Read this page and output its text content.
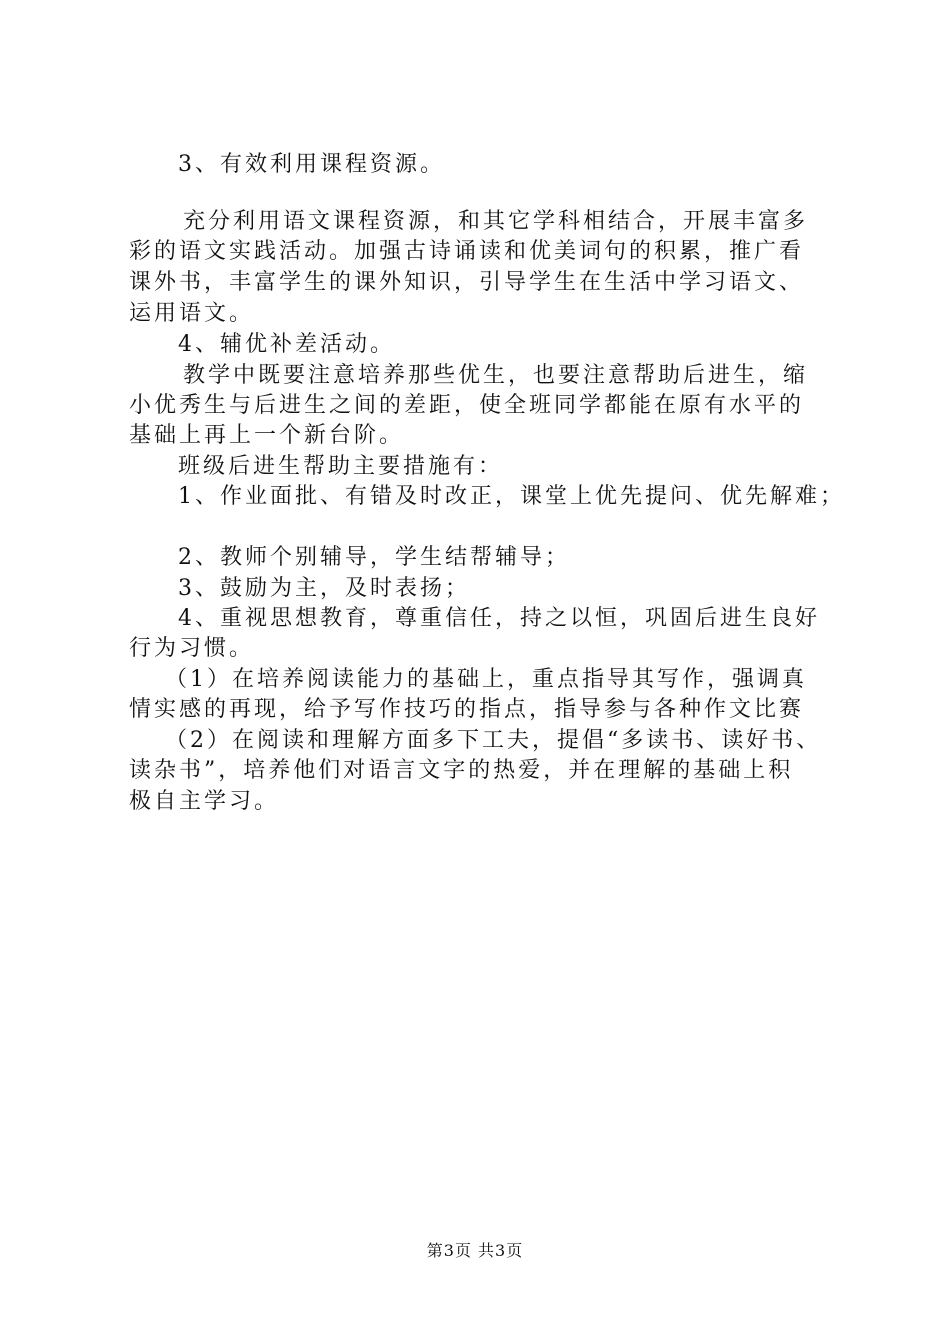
3、有效利用课程资源。
充分利用语文课程资源，和其它学科相结合，开展丰富多
彩的语文实践活动。加强古诗诵读和优美词句的积累，推广看
课外书，丰富学生的课外知识，引导学生在生活中学习语文、
运用语文。
4、辅优补差活动。
教学中既要注意培养那些优生，也要注意帮助后进生，缩
小优秀生与后进生之间的差距，使全班同学都能在原有水平的
基础上再上一个新台阶。
班级后进生帮助主要措施有：
1、作业面批、有错及时改正，课堂上优先提问、优先解难；
2、教师个别辅导，学生结帮辅导；
3、鼓励为主，及时表扬；
4、重视思想教育，尊重信任，持之以恒，巩固后进生良好
行为习惯。
（1）在培养阅读能力的基础上，重点指导其写作，强调真
情实感的再现，给予写作技巧的指点，指导参与各种作文比赛
（2）在阅读和理解方面多下工夫，提倡“多读书、读好书、
读杂书”，培养他们对语言文字的热爱，并在理解的基础上积
极自主学习。
第3页 共3页
